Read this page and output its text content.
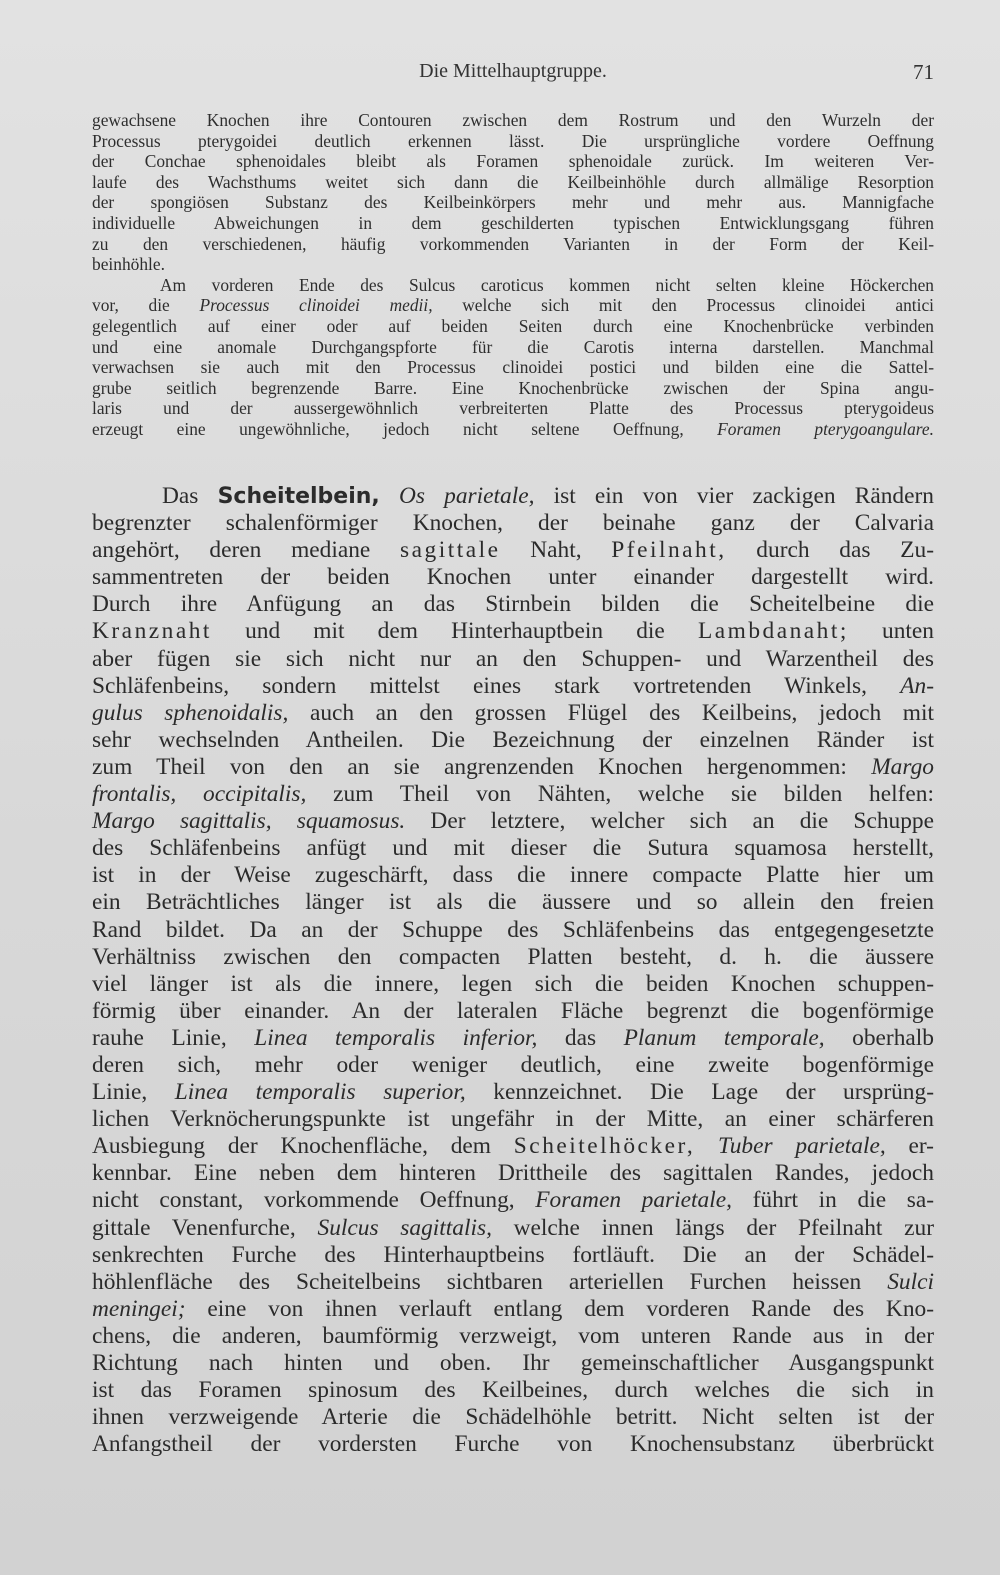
Die Mittelhauptgruppe.	71
gewachsene Knochen ihre Contouren zwischen dem Rostrum und den Wurzeln der
Processus pterygoidei deutlich erkennen lässt. Die ursprüngliche vordere Oeffnung
der Conchae sphenoidales bleibt als Foramen sphenoidale zurück. Im weiteren Ver-
laufe des Wachsthums weitet sich dann die Keilbeinhöhle durch allmälige Resorption
der spongiösen Substanz des Keilbeinkörpers mehr und mehr aus. Mannigfache
individuelle Abweichungen in dem geschilderten typischen Entwicklungsgang führen
zu den verschiedenen, häufig vorkommenden Varianten in der Form der Keil-
beinhöhle.
Am vorderen Ende des Sulcus caroticus kommen nicht selten kleine Höckerchen
vor, die Processus clinoidei medii, welche sich mit den Processus clinoidei antici
gelegentlich auf einer oder auf beiden Seiten durch eine Knochenbrücke verbinden
und eine anomale Durchgangspforte für die Carotis interna darstellen. Manchmal
verwachsen sie auch mit den Processus clinoidei postici und bilden eine die Sattel-
grube seitlich begrenzende Barre. Eine Knochenbrücke zwischen der Spina angu-
laris und der aussergewöhnlich verbreiterten Platte des Processus pterygoideus
erzeugt eine ungewöhnliche, jedoch nicht seltene Oeffnung, Foramen pterygoangulare.
Das Scheitelbein, Os parietale, ist ein von vier zackigen Rändern
begrenzter schalenförmiger Knochen, der beinahe ganz der Calvaria
angehört, deren mediane sagittale Naht, Pfeilnaht, durch das Zu-
sammentreten der beiden Knochen unter einander dargestellt wird.
Durch ihre Anfügung an das Stirnbein bilden die Scheitelbeine die
Kranznaht und mit dem Hinterhauptbein die Lambdanaht; unten
aber fügen sie sich nicht nur an den Schuppen- und Warzentheil des
Schläfenbeins, sondern mittelst eines stark vortretenden Winkels, An-
gulus sphenoidalis, auch an den grossen Flügel des Keilbeins, jedoch mit
sehr wechselnden Antheilen. Die Bezeichnung der einzelnen Ränder ist
zum Theil von den an sie angrenzenden Knochen hergenommen: Margo
frontalis, occipitalis, zum Theil von Nähten, welche sie bilden helfen:
Margo sagittalis, squamosus. Der letztere, welcher sich an die Schuppe
des Schläfenbeins anfügt und mit dieser die Sutura squamosa herstellt,
ist in der Weise zugeschärft, dass die innere compacte Platte hier um
ein Beträchtliches länger ist als die äussere und so allein den freien
Rand bildet. Da an der Schuppe des Schläfenbeins das entgegengesetzte
Verhältniss zwischen den compacten Platten besteht, d. h. die äussere
viel länger ist als die innere, legen sich die beiden Knochen schuppen-
förmig über einander. An der lateralen Fläche begrenzt die bogenförmige
rauhe Linie, Linea temporalis inferior, das Planum temporale, oberhalb
deren sich, mehr oder weniger deutlich, eine zweite bogenförmige
Linie, Linea temporalis superior, kennzeichnet. Die Lage der ursprüng-
lichen Verknöcherungspunkte ist ungefähr in der Mitte, an einer schärferen
Ausbiegung der Knochenfläche, dem Scheitelhöcker, Tuber parietale, er-
kennbar. Eine neben dem hinteren Drittheile des sagittalen Randes, jedoch
nicht constant, vorkommende Oeffnung, Foramen parietale, führt in die sa-
gittale Venenfurche, Sulcus sagittalis, welche innen längs der Pfeilnaht zur
senkrechten Furche des Hinterhauptbeins fortläuft. Die an der Schädel-
höhlenfläche des Scheitelbeins sichtbaren arteriellen Furchen heissen Sulci
meningei; eine von ihnen verlauft entlang dem vorderen Rande des Kno-
chens, die anderen, baumförmig verzweigt, vom unteren Rande aus in der
Richtung nach hinten und oben. Ihr gemeinschaftlicher Ausgangspunkt
ist das Foramen spinosum des Keilbeines, durch welches die sich in
ihnen verzweigende Arterie die Schädelhöhle betritt. Nicht selten ist der
Anfangstheil der vordersten Furche von Knochensubstanz überbrückt
